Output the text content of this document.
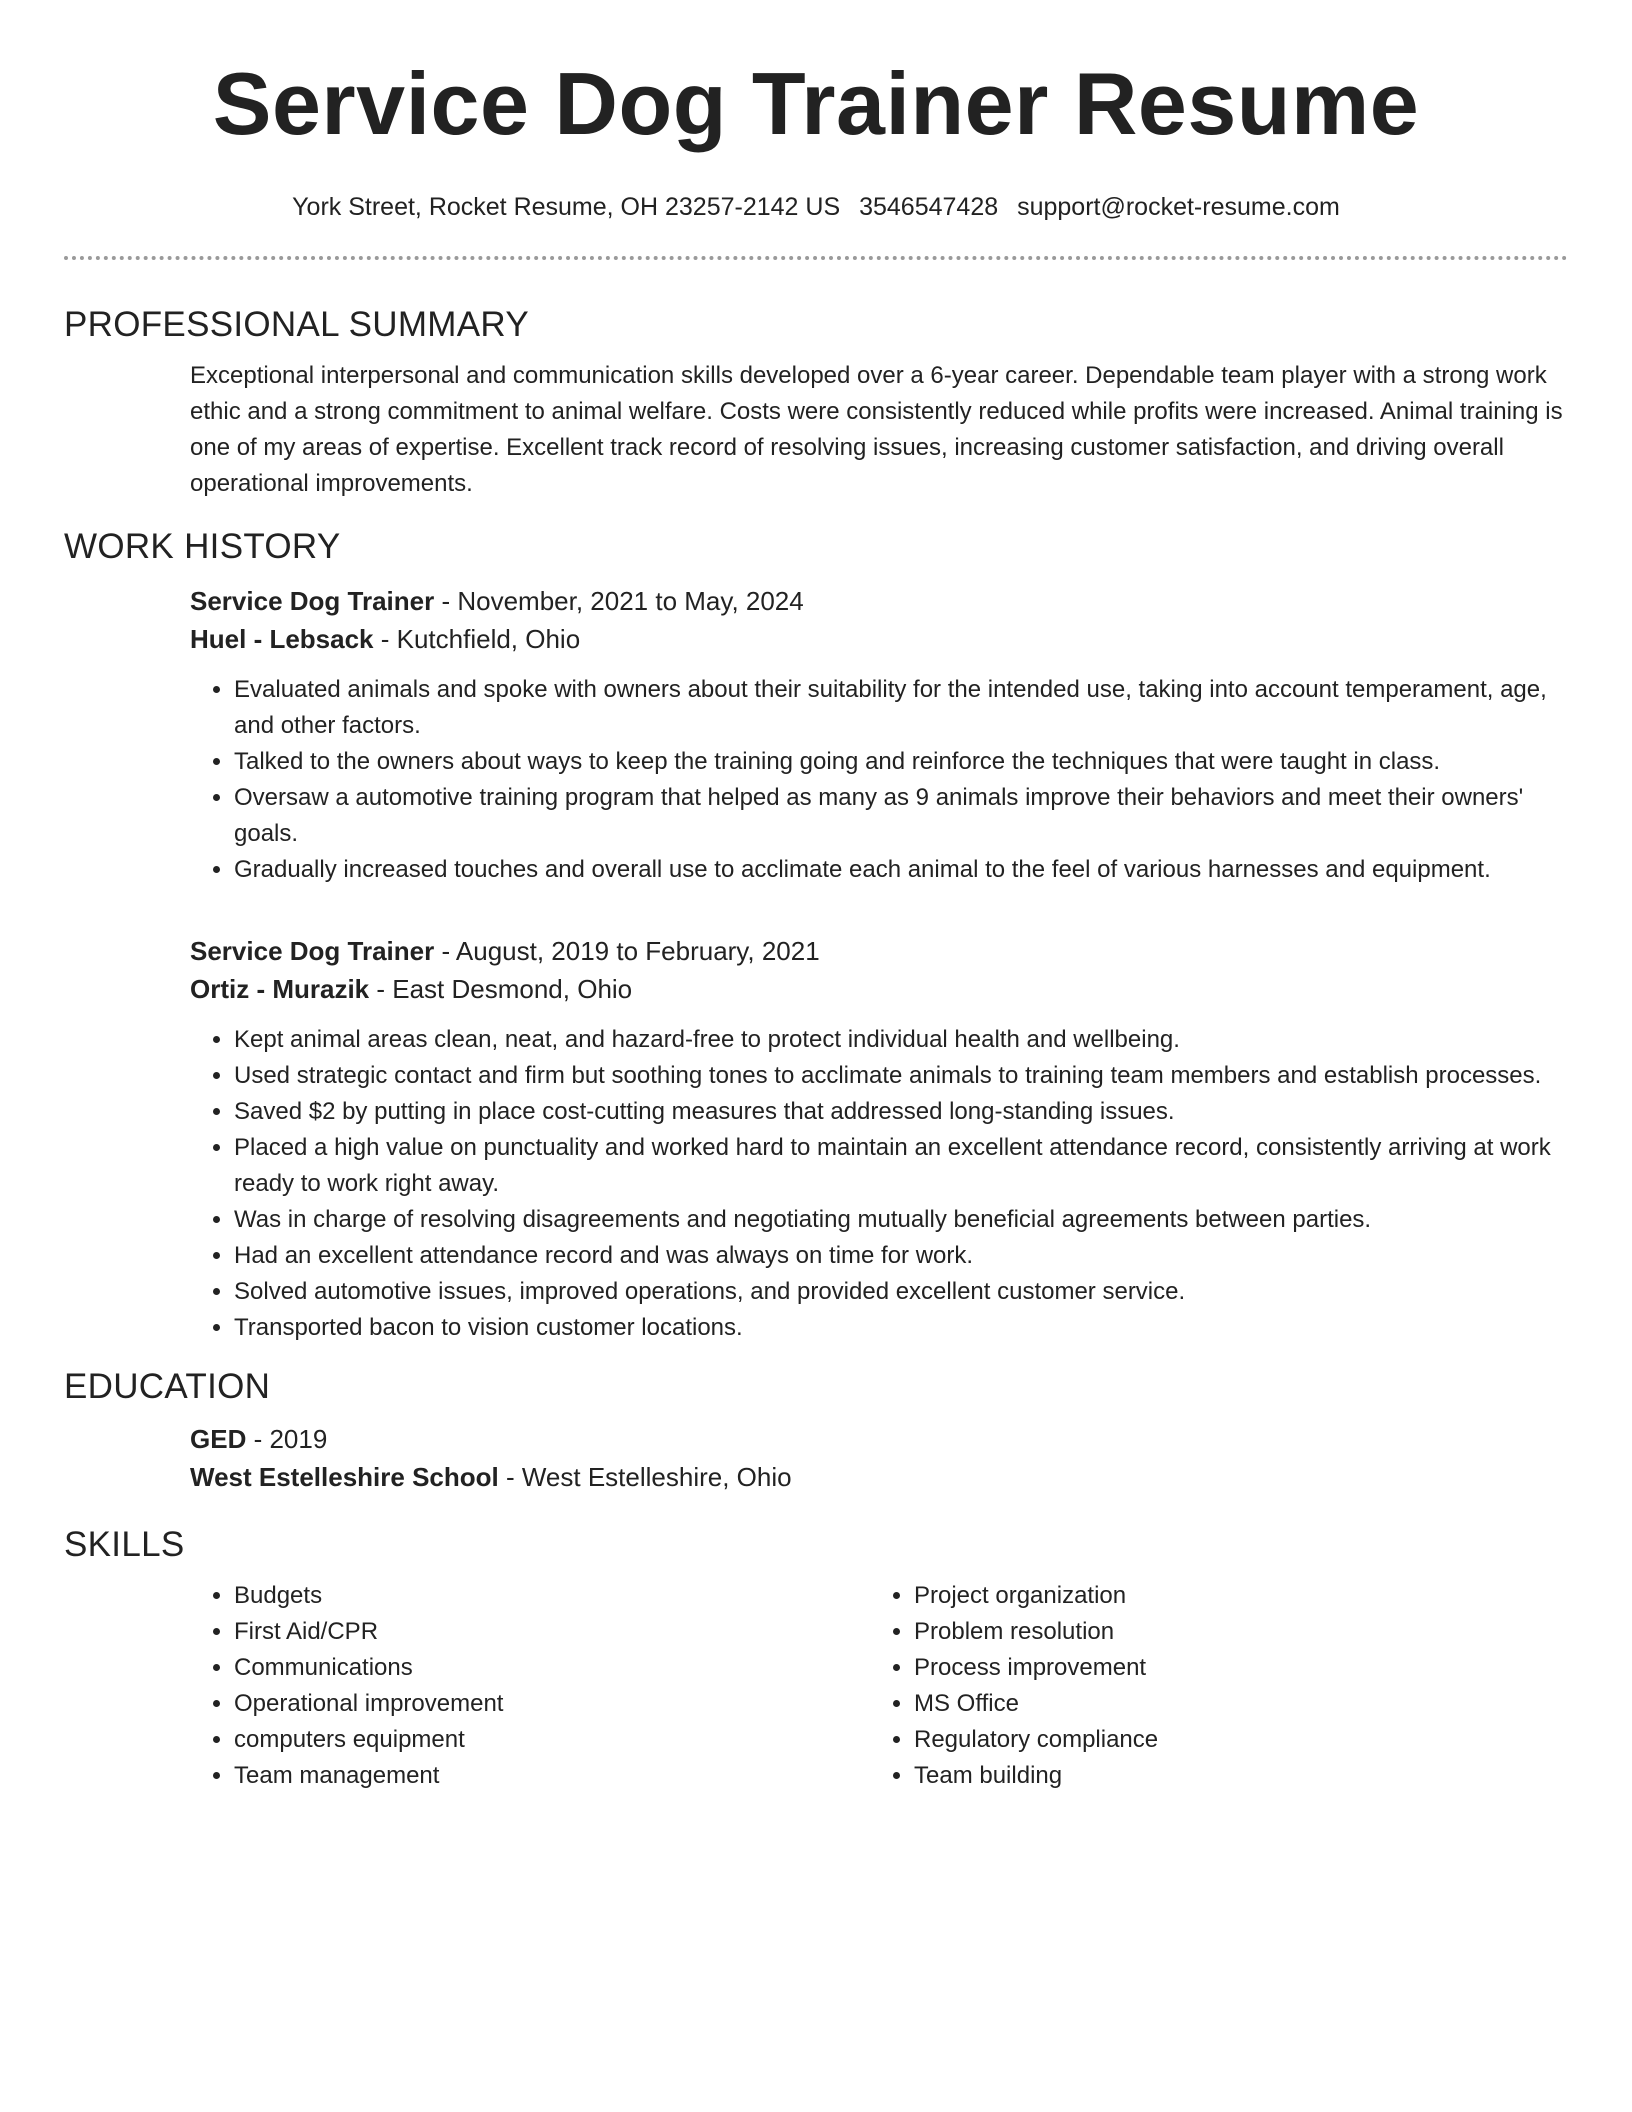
Service Dog Trainer Resume
York Street, Rocket Resume, OH 23257-2142 US 3546547428 support@rocket-resume.com
PROFESSIONAL SUMMARY

Exceptional interpersonal and communication skills developed over a 6-year career. Dependable team player with a strong work ethic and a strong commitment to animal welfare. Costs were consistently reduced while profits were increased. Animal training is one of my areas of expertise. Excellent track record of resolving issues, increasing customer satisfaction, and driving overall operational improvements.

WORK HISTORY
Service Dog Trainer - November, 2021 to May, 2024
Huel - Lebsack - Kutchfield, Ohio
• Evaluated animals and spoke with owners about their suitability for the intended use, taking into account temperament, age, and other factors.
• Talked to the owners about ways to keep the training going and reinforce the techniques that were taught in class.
• Oversaw a automotive training program that helped as many as 9 animals improve their behaviors and meet their owners' goals.
• Gradually increased touches and overall use to acclimate each animal to the feel of various harnesses and equipment.
Service Dog Trainer - August, 2019 to February, 2021
Ortiz - Murazik - East Desmond, Ohio
• Kept animal areas clean, neat, and hazard-free to protect individual health and wellbeing.
• Used strategic contact and firm but soothing tones to acclimate animals to training team members and establish processes.
• Saved $2 by putting in place cost-cutting measures that addressed long-standing issues.
• Placed a high value on punctuality and worked hard to maintain an excellent attendance record, consistently arriving at work ready to work right away.
• Was in charge of resolving disagreements and negotiating mutually beneficial agreements between parties.
• Had an excellent attendance record and was always on time for work.
• Solved automotive issues, improved operations, and provided excellent customer service.
• Transported bacon to vision customer locations.
EDUCATION
GED - 2019
West Estelleshire School - West Estelleshire, Ohio
SKILLS
• Budgets
• First Aid/CPR
• Communications
• Operational improvement
• computers equipment
• Team management
• Project organization
• Problem resolution
• Process improvement
• MS Office
• Regulatory compliance
• Team building
